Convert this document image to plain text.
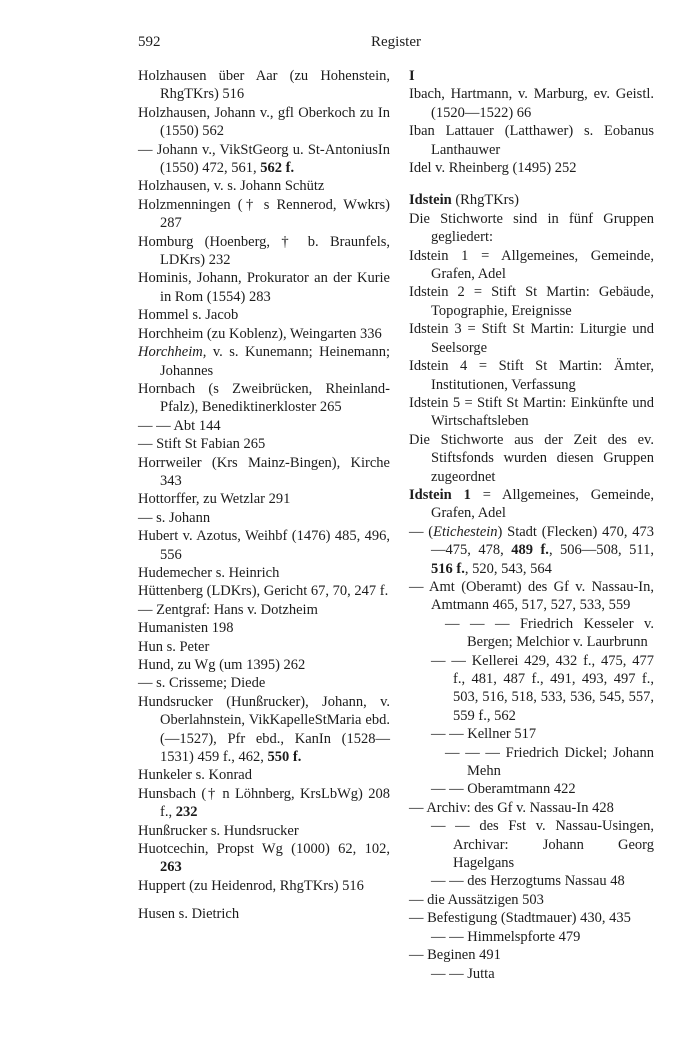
592	Register

Holzhausen über Aar (zu Hohenstein, RhgTKrs) 516

Holzhausen, Johann v., gfl Oberkoch zu In (1550) 562

— Johann v., VikStGeorg u. St-AntoniusIn (1550) 472, 561, 562 f.

Holzhausen, v. s. Johann Schütz

Holzmenningen († s Rennerod, Wwkrs) 287

Homburg (Hoenberg, † b. Braunfels, LDKrs) 232

Hominis, Johann, Prokurator an der Kurie in Rom (1554) 283

Hommel s. Jacob

Horchheim (zu Koblenz), Weingarten 336

Horchheim, v. s. Kunemann; Heinemann; Johannes

Hornbach (s Zweibrücken, Rheinland-Pfalz), Benediktinerkloster 265

— — Abt 144

— Stift St Fabian 265

Horrweiler (Krs Mainz-Bingen), Kirche 343

Hottorffer, zu Wetzlar 291

— s. Johann

Hubert v. Azotus, Weihbf (1476) 485, 496, 556

Hudemecher s. Heinrich

Hüttenberg (LDKrs), Gericht 67, 70, 247 f.

— Zentgraf: Hans v. Dotzheim

Humanisten 198

Hun s. Peter

Hund, zu Wg (um 1395) 262

— s. Crisseme; Diede

Hundsrucker (Hunßrucker), Johann, v. Oberlahnstein, VikKapelleStMaria ebd. (—1527), Pfr ebd., KanIn (1528—1531) 459 f., 462, 550 f.

Hunkeler s. Konrad

Hunsbach († n Löhnberg, KrsLbWg) 208 f., 232

Hunßrucker s. Hundsrucker

Huotcechin, Propst Wg (1000) 62, 102, 263

Huppert (zu Heidenrod, RhgTKrs) 516

Husen s. Dietrich

I

Ibach, Hartmann, v. Marburg, ev. Geistl. (1520—1522) 66

Iban Lattauer (Latthawer) s. Eobanus Lanthauwer

Idel v. Rheinberg (1495) 252

Idstein (RhgTKrs)

Die Stichworte sind in fünf Gruppen gegliedert:

Idstein 1 = Allgemeines, Gemeinde, Grafen, Adel

Idstein 2 = Stift St Martin: Gebäude, Topographie, Ereignisse

Idstein 3 = Stift St Martin: Liturgie und Seelsorge

Idstein 4 = Stift St Martin: Ämter, Institutionen, Verfassung

Idstein 5 = Stift St Martin: Einkünfte und Wirtschaftsleben

Die Stichworte aus der Zeit des ev. Stiftsfonds wurden diesen Gruppen zugeordnet

Idstein 1 = Allgemeines, Gemeinde, Grafen, Adel

— (Etichestein) Stadt (Flecken) 470, 473—475, 478, 489 f., 506—508, 511, 516 f., 520, 543, 564

— Amt (Oberamt) des Gf v. Nassau-In, Amtmann 465, 517, 527, 533, 559

— — — Friedrich Kesseler v. Bergen; Melchior v. Laurbrunn

— — Kellerei 429, 432 f., 475, 477 f., 481, 487 f., 491, 493, 497 f., 503, 516, 518, 533, 536, 545, 557, 559 f., 562

— — Kellner 517

— — — Friedrich Dickel; Johann Mehn

— — Oberamtmann 422

— Archiv: des Gf v. Nassau-In 428

— — des Fst v. Nassau-Usingen, Archivar: Johann Georg Hagelgans

— — des Herzogtums Nassau 48

— die Aussätzigen 503

— Befestigung (Stadtmauer) 430, 435

— — Himmelspforte 479

— Beginen 491

— — Jutta
